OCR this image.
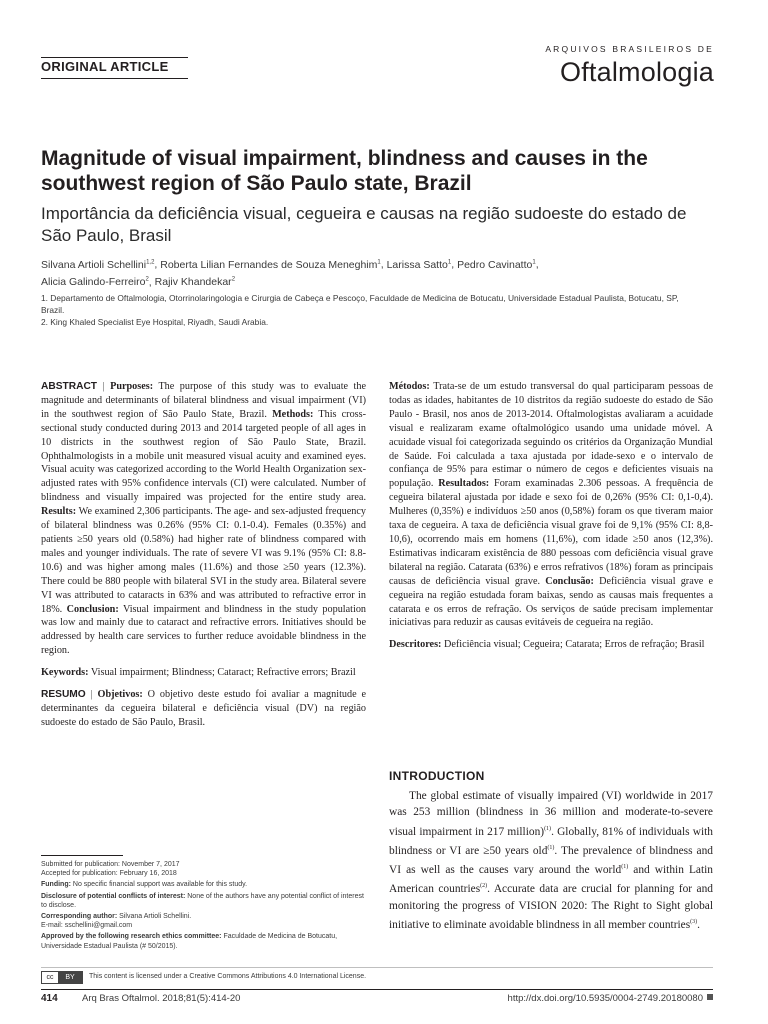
ORIGINAL ARTICLE
ARQUIVOS BRASILEIROS DE
Oftalmologia
Magnitude of visual impairment, blindness and causes in the southwest region of São Paulo state, Brazil
Importância da deficiência visual, cegueira e causas na região sudoeste do estado de São Paulo, Brasil
Silvana Artioli Schellini$^{1,2}$, Roberta Lilian Fernandes de Souza Meneghim$^1$, Larissa Satto$^1$, Pedro Cavinatto$^1$,
Alicia Galindo-Ferreiro$^2$, Rajiv Khandekar$^2$

1. Departamento de Oftalmologia, Otorrinolaringologia e Cirurgia de Cabeça e Pescoço, Faculdade de Medicina de Botucatu, Universidade Estadual Paulista, Botucatu, SP, Brazil.

2. King Khaled Specialist Eye Hospital, Riyadh, Saudi Arabia.

ABSTRACT | Purposes: The purpose of this study was to evaluate the magnitude and determinants of bilateral blindness and visual impairment (VI) in the southwest region of São Paulo State, Brazil. Methods: This cross-sectional study conducted during 2013 and 2014 targeted people of all ages in 10 districts in the southwest region of São Paulo State, Brazil. Ophthalmologists in a mobile unit measured visual acuity and examined eyes. Visual acuity was categorized according to the World Health Organization sex-adjusted rates with 95% confidence intervals (CI) were calculated. Number of blindness and visually impaired was projected for the entire study area. Results: We examined 2,306 participants. The age- and sex-adjusted frequency of bilateral blindness was 0.26% (95% CI: 0.1-0.4). Females (0.35%) and patients ≥50 years old (0.58%) had higher rate of blindness compared with males and younger individuals. The rate of severe VI was 9.1% (95% CI: 8.8-10.6) and was higher among males (11.6%) and those ≥50 years (12.3%). There could be 880 people with bilateral SVI in the study area. Bilateral severe VI was attributed to cataracts in 63% and was attributed to refractive error in 18%. Conclusion: Visual impairment and blindness in the study population was low and mainly due to cataract and refractive errors. Initiatives should be addressed by health care services to further reduce avoidable blindness in the region.

Keywords: Visual impairment; Blindness; Cataract; Refractive errors; Brazil

RESUMO | Objetivos: O objetivo deste estudo foi avaliar a magnitude e determinantes da cegueira bilateral e deficiência visual (DV) na região sudoeste do estado de São Paulo, Brasil.

Métodos: Trata-se de um estudo transversal do qual participaram pessoas de todas as idades, habitantes de 10 distritos da região sudoeste do estado de São Paulo - Brasil, nos anos de 2013-2014. Oftalmologistas avaliaram a acuidade visual e realizaram exame oftalmológico usando uma unidade móvel. A acuidade visual foi categorizada seguindo os critérios da Organização Mundial de Saúde. Foi calculada a taxa ajustada por idade-sexo e o intervalo de confiança de 95% para estimar o número de cegos e deficientes visuais na população. Resultados: Foram examinadas 2.306 pessoas. A frequência de cegueira bilateral ajustada por idade e sexo foi de 0,26% (95% CI: 0,1-0,4). Mulheres (0,35%) e indivíduos ≥50 anos (0,58%) foram os que tiveram maior taxa de cegueira. A taxa de deficiência visual grave foi de 9,1% (95% CI: 8,8-10,6), ocorrendo mais em homens (11,6%), com idade ≥50 anos (12,3%). Estimativas indicaram existência de 880 pessoas com deficiência visual grave bilateral na região. Catarata (63%) e erros refrativos (18%) foram as principais causas de deficiência visual grave. Conclusão: Deficiência visual grave e cegueira na região estudada foram baixas, sendo as causas mais frequentes a catarata e os erros de refração. Os serviços de saúde precisam implementar iniciativas para reduzir as causas evitáveis de cegueira na região.

Descritores: Deficiência visual; Cegueira; Catarata; Erros de refração; Brasil

INTRODUCTION

The global estimate of visually impaired (VI) worldwide in 2017 was 253 million (blindness in 36 million and moderate-to-severe visual impairment in 217 million)$^{(1)}$. Globally, 81% of individuals with blindness or VI are ≥50 years old$^{(1)}$. The prevalence of blindness and VI as well as the causes vary around the world$^{(1)}$ and within Latin American countries$^{(2)}$. Accurate data are crucial for planning for and monitoring the progress of VISION 2020: The Right to Sight global initiative to eliminate avoidable blindness in all member countries$^{(3)}$.

Submitted for publication: November 7, 2017

Accepted for publication: February 16, 2018

Funding: No specific financial support was available for this study.

Disclosure of potential conflicts of interest: None of the authors have any potential conflict of interest to disclose.

Corresponding author: Silvana Artioli Schellini.

E-mail: sschellini@gmail.com

Approved by the following research ethics committee: Faculdade de Medicina de Botucatu, Universidade Estadual Paulista (# 50/2015).

cc BY	This content is licensed under a Creative Commons Attributions 4.0 International License.
414	Arq Bras Oftalmol. 2018;81(5):414-20	http://dx.doi.org/10.5935/0004-2749.20180080
